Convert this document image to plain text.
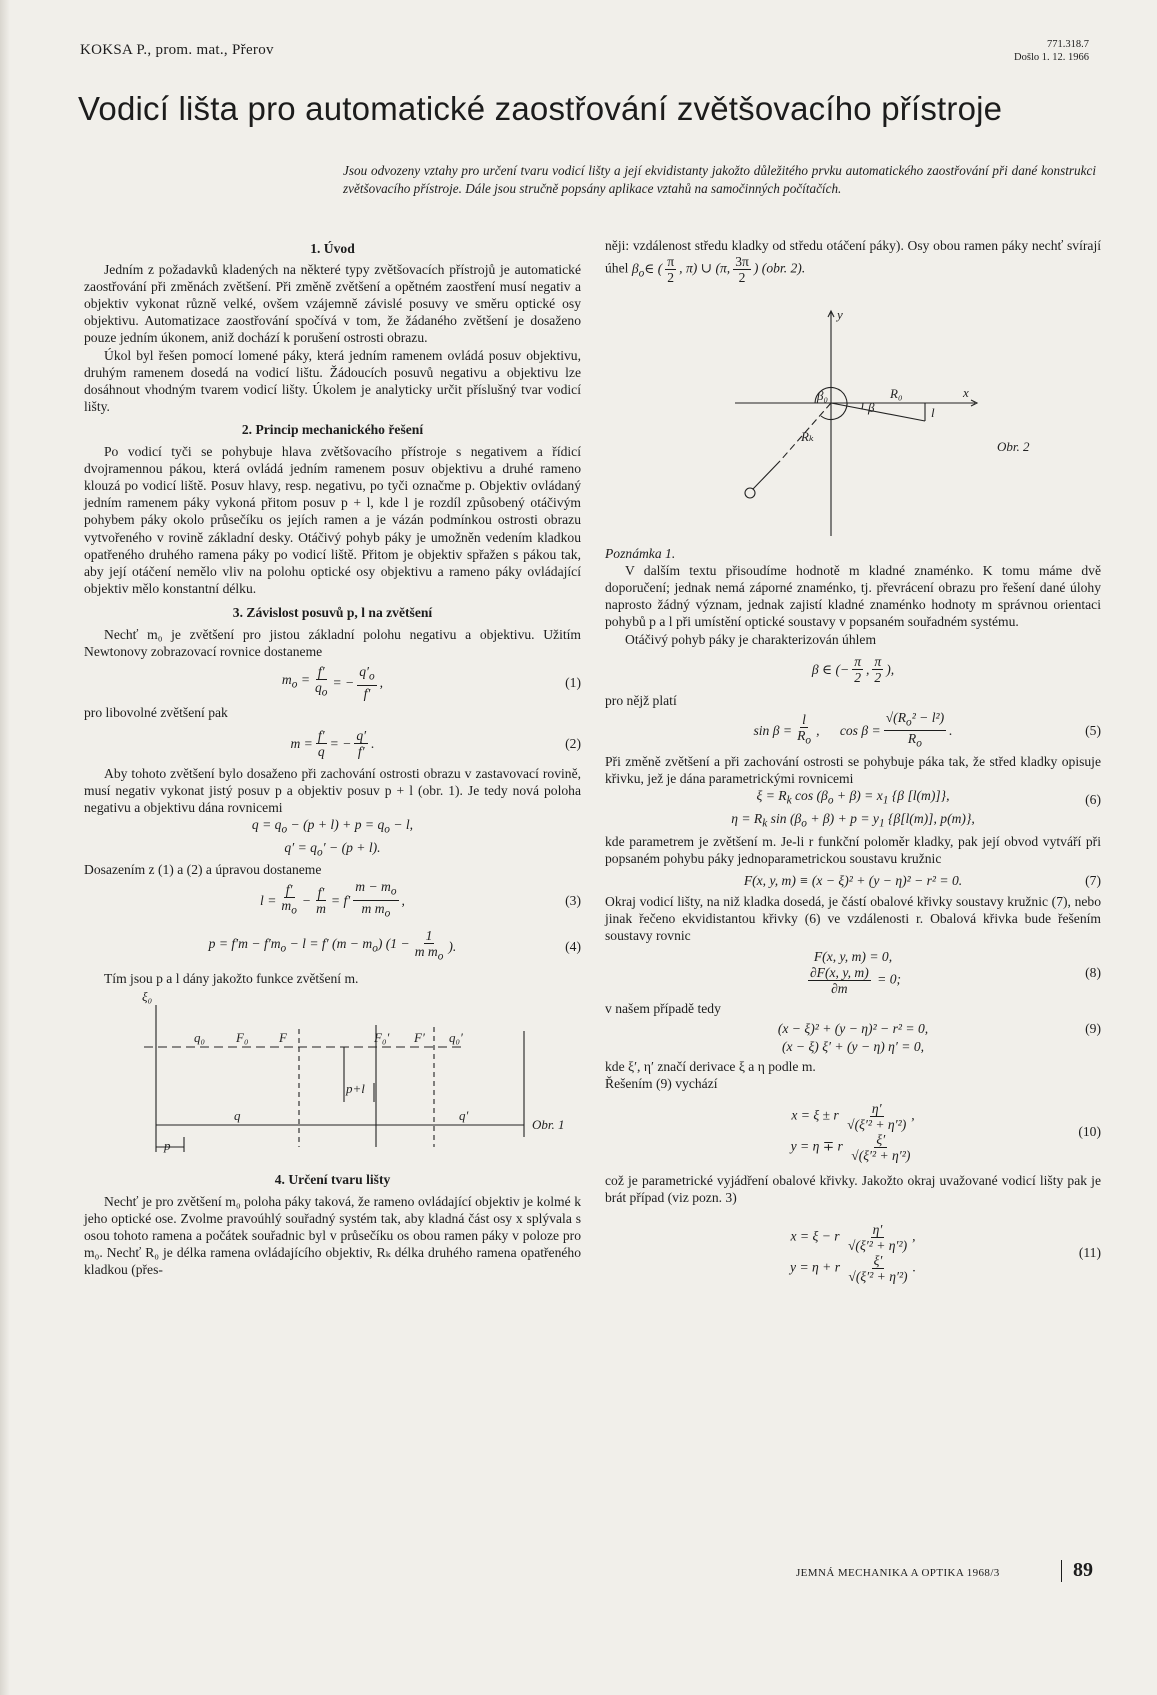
KOKSA P., prom. mat., Přerov	771.318.7
Došlo 1. 12. 1966
Vodicí lišta pro automatické zaostřování zvětšovacího přístroje
Jsou odvozeny vztahy pro určení tvaru vodicí lišty a její ekvidistanty jakožto důležitého prvku automatického zaostřování při dané konstrukci zvětšovacího přístroje. Dále jsou stručně popsány aplikace vztahů na samočinných počítačích.
1. Úvod

Jedním z požadavků kladených na některé typy zvětšovacích přístrojů je automatické zaostřování při změnách zvětšení. Při změně zvětšení a opětném zaostření musí negativ a objektiv vykonat různě velké, ovšem vzájemně závislé posuvy ve směru optické osy objektivu. Automatizace zaostřování spočívá v tom, že žádaného zvětšení je dosaženo pouze jedním úkonem, aniž dochází k porušení ostrosti obrazu.

Úkol byl řešen pomocí lomené páky, která jedním ramenem ovládá posuv objektivu, druhým ramenem dosedá na vodicí lištu. Žádoucích posuvů negativu a objektivu lze dosáhnout vhodným tvarem vodicí lišty. Úkolem je analyticky určit příslušný tvar vodicí lišty.

2. Princip mechanického řešení

Po vodicí tyči se pohybuje hlava zvětšovacího přístroje s negativem a řídicí dvojramennou pákou, která ovládá jedním ramenem posuv objektivu a druhé rameno klouzá po vodicí liště. Posuv hlavy, resp. negativu, po tyči označme p. Objektiv ovládaný jedním ramenem páky vykoná přitom posuv p + l, kde l je rozdíl způsobený otáčivým pohybem páky okolo průsečíku os jejích ramen a je vázán podmínkou ostrosti obrazu vytvořeného v rovině základní desky. Otáčivý pohyb páky je umožněn vedením kladkou opatřeného druhého ramena páky po vodicí liště. Přitom je objektiv spřažen s pákou tak, aby její otáčení nemělo vliv na polohu optické osy objektivu a rameno páky ovládající objektiv mělo konstantní délku.

3. Závislost posuvů p, l na zvětšení

Nechť m₀ je zvětšení pro jistou základní polohu negativu a objektivu. Užitím Newtonovy zobrazovací rovnice dostaneme

$m_o = \frac{f'}{q_o}$ = − $\frac{q'_o}{f'}$ ,	(1)

pro libovolné zvětšení pak

$m = \frac{f'}{q}$ = − $\frac{q'}{f'}$ .	(2)

Aby tohoto zvětšení bylo dosaženo při zachování ostrosti obrazu v zastavovací rovině, musí negativ vykonat jistý posuv p a objektiv posuv p + l (obr. 1). Je tedy nová poloha negativu a objektivu dána rovnicemi

$q = q_o - (p + l) + p = q_o - l$,
$q' = q_o' - (p + l)$.

Dosazením z (1) a (2) a úpravou dostaneme

$l = \frac{f'}{m_o} - \frac{f'}{m} = f' \frac{m - m_o}{m m_o}$ ,	(3)
$p = f'm - f'm_o - l = f'$ $(m - m_o)$ ($1 - \frac{1}{m m_o}$ ).	(4)

Tím jsou p a l dány jakožto funkce zvětšení m.

ξ₀
q₀ F₀ F	F₀′ F′ q₀′
p+l
q	q′
p
Obr. 1
4. Určení tvaru lišty

Nechť je pro zvětšení m₀ poloha páky taková, že rameno ovládající objektiv je kolmé k jeho optické ose. Zvolme pravoúhlý souřadný systém tak, aby kladná část osy x splývala s osou tohoto ramena a počátek souřadnic byl v průsečíku os obou ramen páky v poloze pro m₀. Nechť R₀ je délka ramena ovládajícího objektiv, Rₖ délka druhého ramena opatřeného kladkou (přes-

něji: vzdálenost středu kladky od středu otáčení páky). Osy obou ramen páky nechť svírají úhel $\beta_o\in$ ( $\frac{\pi}{2}$ , π) ∪ (π, $\frac{3\pi}{2}$ ) (obr. 2).

y
x
β₀	R₀
β	l
Rₖ
Obr. 2
Poznámka 1.

V dalším textu přisoudíme hodnotě m kladné znaménko. K tomu máme dvě doporučení; jednak nemá záporné znaménko, tj. převrácení obrazu pro řešení dané úlohy naprosto žádný význam, jednak zajistí kladné znaménko hodnoty m správnou orientaci pohybů p a l při umístění optické soustavy v popsaném souřadném systému.

Otáčivý pohyb páky je charakterizován úhlem

β ∈ (− $\frac{\pi}{2}$ , $\frac{\pi}{2}$ ),

pro nějž platí

$\sin \beta = \frac{l}{R_o}$ ,      $\cos \beta = \frac{√(R_o^2 - l^2)}{R_o}$ .	(5)

Při změně zvětšení a při zachování ostrosti se pohybuje páka tak, že střed kladky opisuje křivku, jež je dána parametrickými rovnicemi

$\xi = R_k$ $\cos (\beta_o + \beta) = x_1$ {β [l(m)]},
$\eta = R_k$ $\sin (\beta_o + \beta) + p = y_1$ {β[l(m)], p(m)},
(6)

kde parametrem je zvětšení m. Je-li r funkční poloměr kladky, pak její obvod vytváří při popsaném pohybu páky jednoparametrickou soustavu kružnic

F(x, y, m) ≡ (x − ξ)² + (y − η)² − r² = 0.	(7)

Okraj vodicí lišty, na niž kladka dosedá, je částí obalové křivky soustavy kružnic (7), nebo jinak řečeno ekvidistantou křivky (6) ve vzdálenosti r. Obalová křivka bude řešením soustavy rovnic

F(x, y, m) = 0,
$\frac{\partial F(x, y, m)}{\partial m} = 0$;	(8)

v našem případě tedy

(x − ξ)² + (y − η)² − r² = 0,
(x − ξ) ξ′ + (y − η) η′ = 0,
(9)

kde ξ′, η′ značí derivace ξ a η podle m.

Řešením (9) vychází

x = ξ ± r $\frac{\eta'}{\text{√(ξ′² + η′²)}}$ ,
y = η ∓ r $\frac{\xi'}{\text{√(ξ′² + η′²)}}$
(10)

což je parametrické vyjádření obalové křivky. Jakožto okraj uvažované vodicí lišty pak je brát případ (viz pozn. 3)

x = ξ − r $\frac{\eta'}{\text{√(ξ′² + η′²)}}$ ,
y = η + r $\frac{\xi'}{\text{√(ξ′² + η′²)}}$ .
(11)
JEMNÁ MECHANIKA A OPTIKA 1968/3	89
